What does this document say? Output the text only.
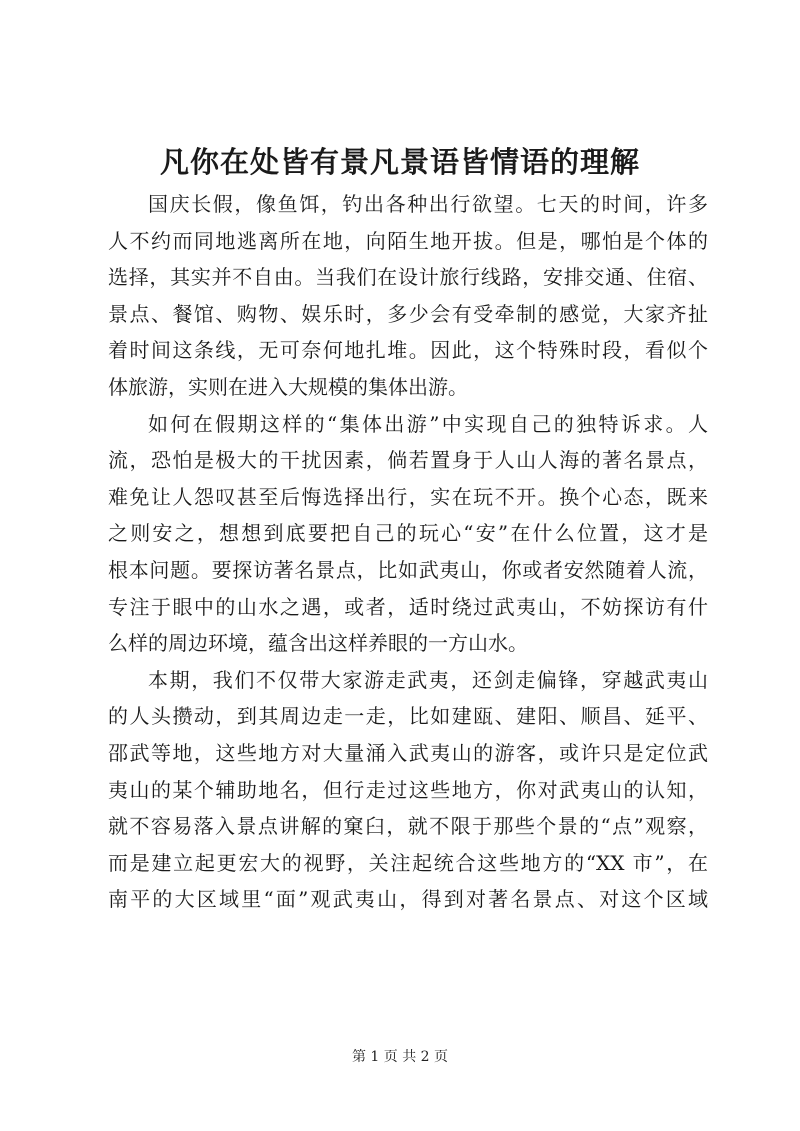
凡你在处皆有景凡景语皆情语的理解
国庆长假，像鱼饵，钓出各种出行欲望。七天的时间，许多
人不约而同地逃离所在地，向陌生地开拔。但是，哪怕是个体的
选择，其实并不自由。当我们在设计旅行线路，安排交通、住宿、
景点、餐馆、购物、娱乐时，多少会有受牵制的感觉，大家齐扯
着时间这条线，无可奈何地扎堆。因此，这个特殊时段，看似个
体旅游，实则在进入大规模的集体出游。
如何在假期这样的“集体出游”中实现自己的独特诉求。人
流，恐怕是极大的干扰因素，倘若置身于人山人海的著名景点，
难免让人怨叹甚至后悔选择出行，实在玩不开。换个心态，既来
之则安之，想想到底要把自己的玩心“安”在什么位置，这才是
根本问题。要探访著名景点，比如武夷山，你或者安然随着人流，
专注于眼中的山水之遇，或者，适时绕过武夷山，不妨探访有什
么样的周边环境，蕴含出这样养眼的一方山水。
本期，我们不仅带大家游走武夷，还剑走偏锋，穿越武夷山
的人头攒动，到其周边走一走，比如建瓯、建阳、顺昌、延平、
邵武等地，这些地方对大量涌入武夷山的游客，或许只是定位武
夷山的某个辅助地名，但行走过这些地方，你对武夷山的认知，
就不容易落入景点讲解的窠臼，就不限于那些个景的“点”观察，
而是建立起更宏大的视野，关注起统合这些地方的“XX 市”，在
南平的大区域里“面”观武夷山，得到对著名景点、对这个区域
第 1 页 共 2 页
